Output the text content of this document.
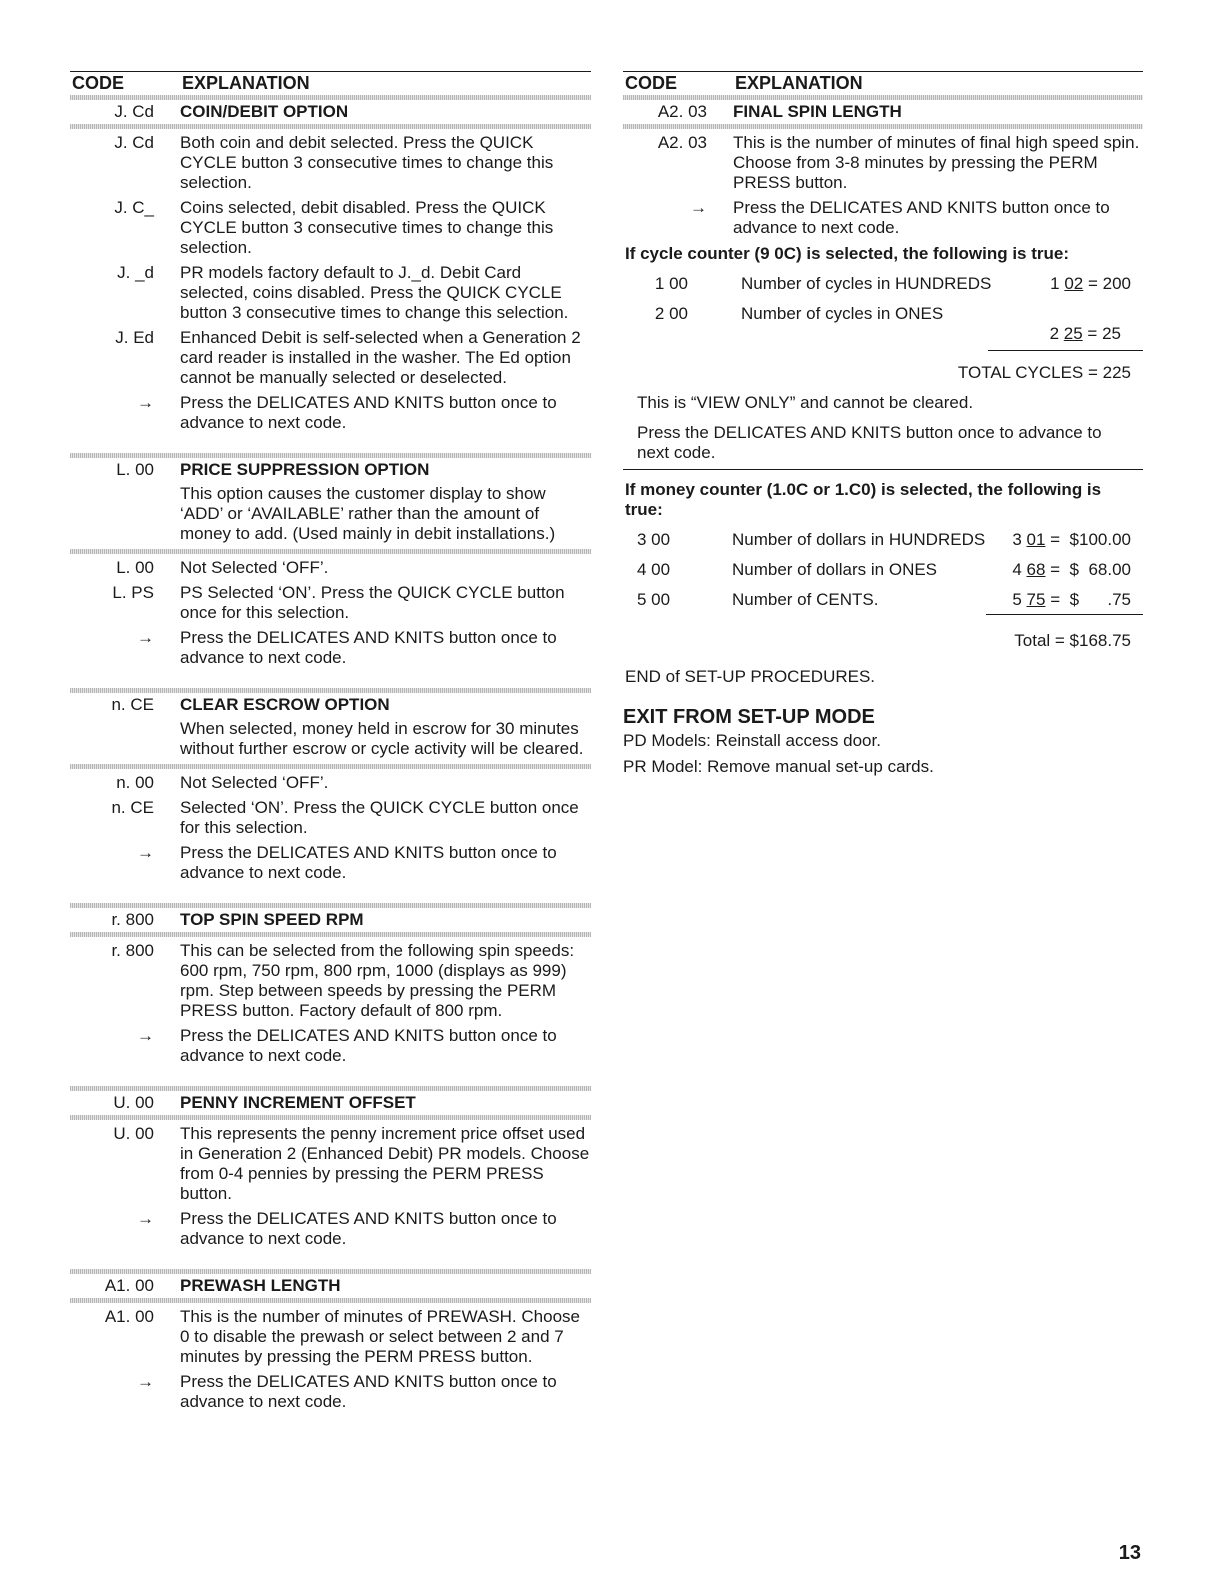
CODE	EXPLANATION
J. Cd	COIN/DEBIT OPTION
J. Cd	Both coin and debit selected. Press the QUICK CYCLE button 3 consecutive times to change this selection.
J. C_	Coins selected, debit disabled. Press the QUICK CYCLE button 3 consecutive times to change this selection.
J. _d	PR models factory default to J._d. Debit Card selected, coins disabled. Press the QUICK CYCLE button 3 consecutive times to change this selection.
J. Ed	Enhanced Debit is self-selected when a Generation 2 card reader is installed in the washer. The Ed option cannot be manually selected or deselected.
→	Press the DELICATES AND KNITS button once to advance to next code.
L. 00	PRICE SUPPRESSION OPTION
This option causes the customer display to show ‘ADD’ or ‘AVAILABLE’ rather than the amount of money to add. (Used mainly in debit installations.)
L. 00	Not Selected ‘OFF’.
L. PS	PS Selected ‘ON’. Press the QUICK CYCLE button once for this selection.
→	Press the DELICATES AND KNITS button once to advance to next code.
n. CE	CLEAR ESCROW OPTION
When selected, money held in escrow for 30 minutes without further escrow or cycle activity will be cleared.
n. 00	Not Selected ‘OFF’.
n. CE	Selected ‘ON’. Press the QUICK CYCLE button once for this selection.
→	Press the DELICATES AND KNITS button once to advance to next code.
r. 800	TOP SPIN SPEED RPM
r. 800	This can be selected from the following spin speeds: 600 rpm, 750 rpm, 800 rpm, 1000 (displays as 999) rpm. Step between speeds by pressing the PERM PRESS button. Factory default of 800 rpm.
→	Press the DELICATES AND KNITS button once to advance to next code.
U. 00	PENNY INCREMENT OFFSET
U. 00	This represents the penny increment price offset used in Generation 2 (Enhanced Debit) PR models. Choose from 0-4 pennies by pressing the PERM PRESS button.
→	Press the DELICATES AND KNITS button once to advance to next code.
A1. 00	PREWASH LENGTH
A1. 00	This is the number of minutes of PREWASH. Choose 0 to disable the prewash or select between 2 and 7 minutes by pressing the PERM PRESS button.
→	Press the DELICATES AND KNITS button once to advance to next code.
CODE	EXPLANATION
A2. 03	FINAL SPIN LENGTH
A2. 03	This is the number of minutes of final high speed spin. Choose from 3-8 minutes by pressing the PERM PRESS button.
→	Press the DELICATES AND KNITS button once to advance to next code.
If cycle counter (9 0C) is selected, the following is true:
1 00	Number of cycles in HUNDREDS	1 02 = 200
2 00	Number of cycles in ONES
2 25 = 25
TOTAL CYCLES = 225
This is “VIEW ONLY” and cannot be cleared.
Press the DELICATES AND KNITS button once to advance to next code.
If money counter (1.0C or 1.C0) is selected, the following is true:
3 00	Number of dollars in HUNDREDS	3 01 =  $100.00
4 00	Number of dollars in ONES	4 68 =  $  68.00
5 00	Number of CENTS.	5 75 =  $      .75
Total = $168.75
END of SET-UP PROCEDURES.
EXIT FROM SET-UP MODE
PD Models: Reinstall access door.
PR Model: Remove manual set-up cards.
13
